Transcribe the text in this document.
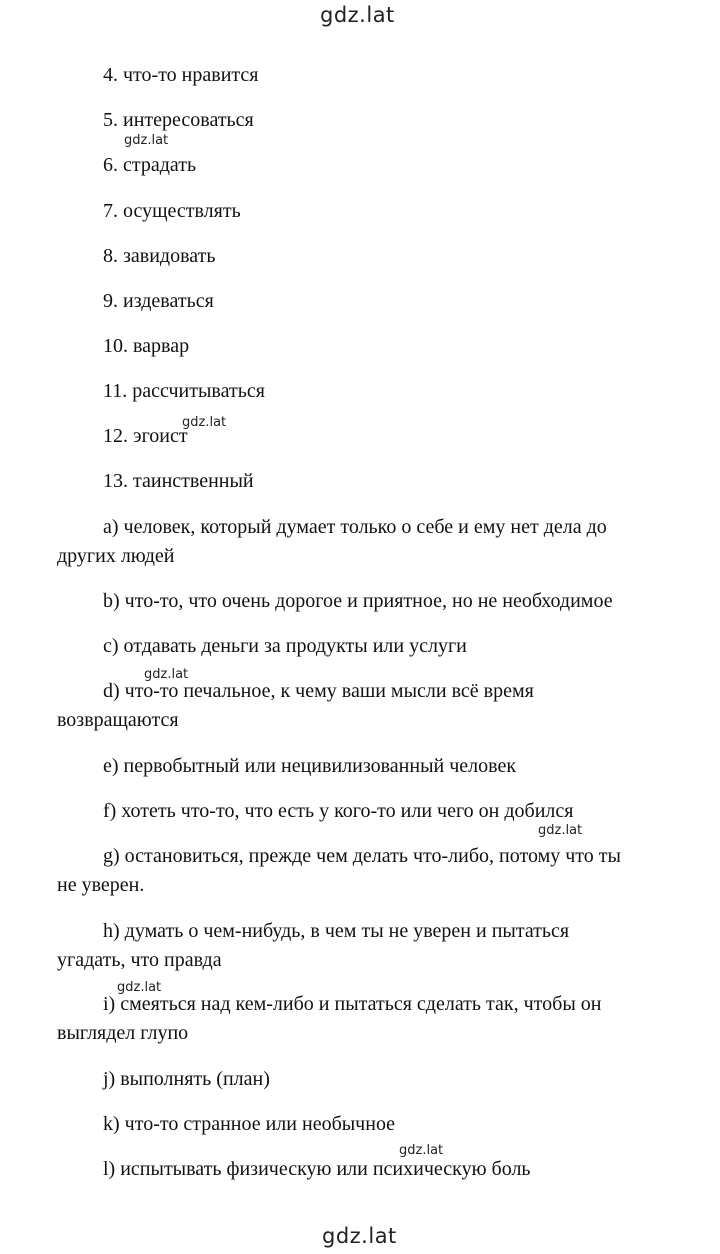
gdz.lat
4. что-то нравится
5. интересоваться
gdz.lat
6. страдать
7. осуществлять
8. завидовать
9. издеваться
10. варвар
11. рассчитываться
gdz.lat
12. эгоист
13. таинственный
a) человек, который думает только о себе и ему нет дела до
других людей
b) что-то, что очень дорогое и приятное, но не необходимое
c) отдавать деньги за продукты или услуги
gdz.lat
d) что-то печальное, к чему ваши мысли всё время
возвращаются
e) первобытный или нецивилизованный человек
f) хотеть что-то, что есть у кого-то или чего он добился
gdz.lat
g) остановиться, прежде чем делать что-либо, потому что ты
не уверен.
h) думать о чем-нибудь, в чем ты не уверен и пытаться
угадать, что правда
gdz.lat
i) смеяться над кем-либо и пытаться сделать так, чтобы он
выглядел глупо
j) выполнять (план)
k) что-то странное или необычное
gdz.lat
l) испытывать физическую или психическую боль
gdz.lat
